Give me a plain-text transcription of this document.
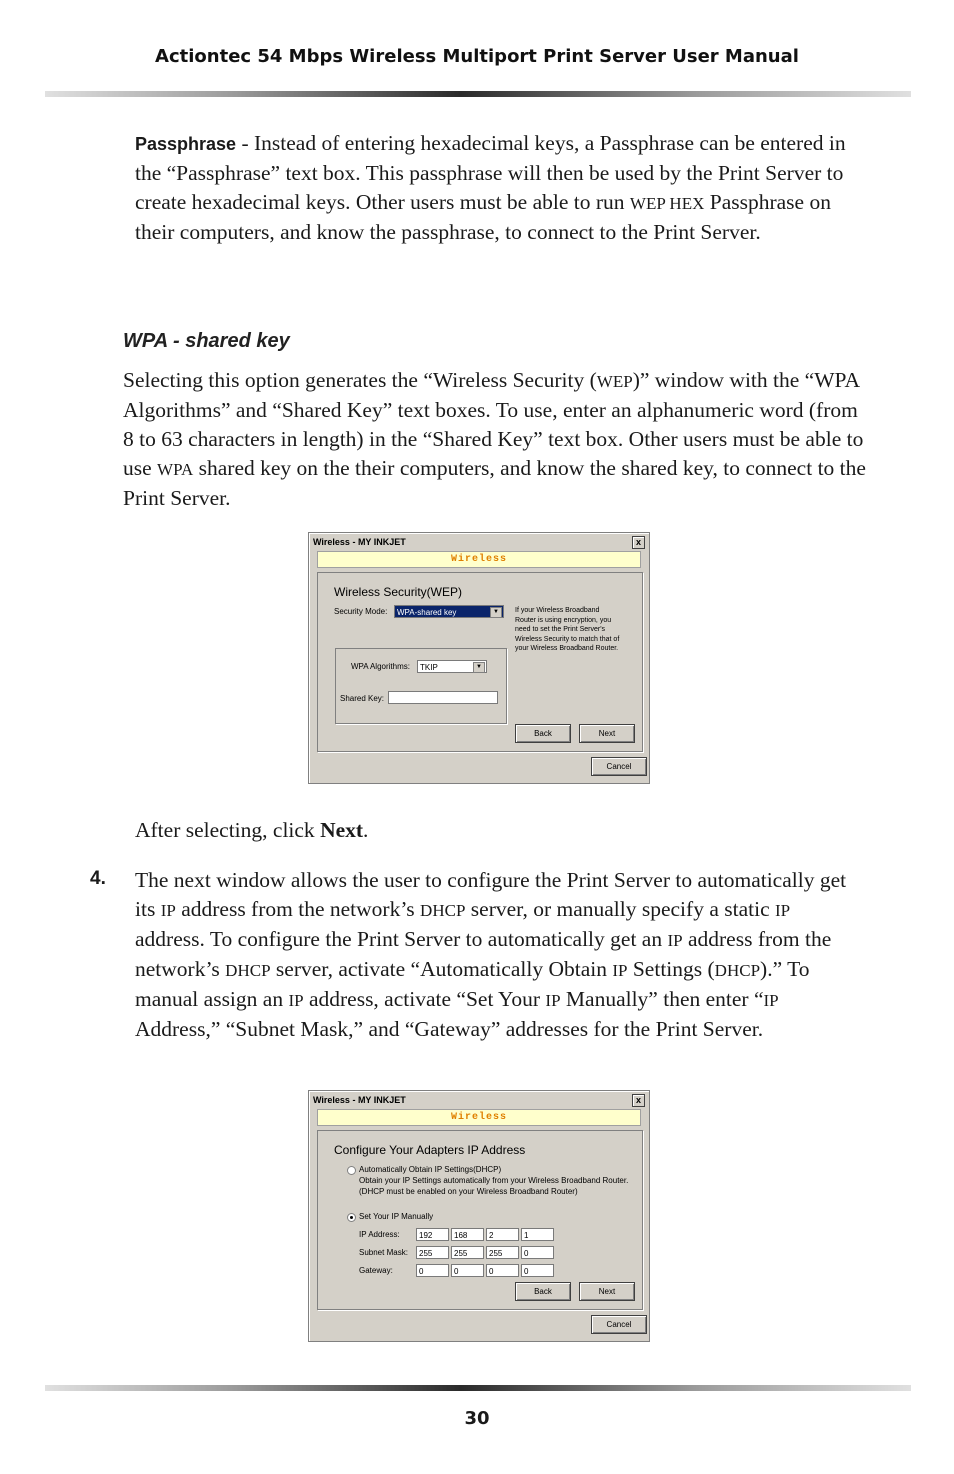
Actiontec 54 Mbps Wireless Multiport Print Server User Manual

Passphrase - Instead of entering hexadecimal keys, a Passphrase can be entered in the “Passphrase” text box. This passphrase will then be used by the Print Server to create hexadecimal keys. Other users must be able to run WEP HEX Passphrase on their computers, and know the passphrase, to connect to the Print Server.

WPA - shared key

Selecting this option generates the “Wireless Security (WEP)” window with the “WPA Algorithms” and “Shared Key” text boxes. To use, enter an alphanumeric word (from 8 to 63 characters in length) in the “Shared Key” text box. Other users must be able to use WPA shared key on the their computers, and know the shared key, to connect to the Print Server.

Wireless - MY INKJET	x
Wireless
Wireless Security(WEP)
Security Mode:	WPA-shared key	▼	If your Wireless Broadband
Router is using encryption, you
need to set the Print Server's
Wireless Security to match that of
your Wireless Broadband Router.
WPA Algorithms:	TKIP	▼
Shared Key:
Back	Next
Cancel

After selecting, click Next.

4. The next window allows the user to configure the Print Server to automatically get its IP address from the network’s DHCP server, or manually specify a static IP address. To configure the Print Server to automatically get an IP address from the network’s DHCP server, activate “Automatically Obtain IP Settings (DHCP).” To manual assign an IP address, activate “Set Your IP Manually” then enter “IP Address,” “Subnet Mask,” and “Gateway” addresses for the Print Server.

Wireless - MY INKJET	x
Wireless
Configure Your Adapters IP Address
Automatically Obtain IP Settings(DHCP)
Obtain your IP Settings automatically from your Wireless Broadband Router.
(DHCP must be enabled on your Wireless Broadband Router)
Set Your IP Manually
IP Address:	192	168	2	1
Subnet Mask:	255	255	255	0
Gateway:	0	0	0	0
Back	Next
Cancel
30
